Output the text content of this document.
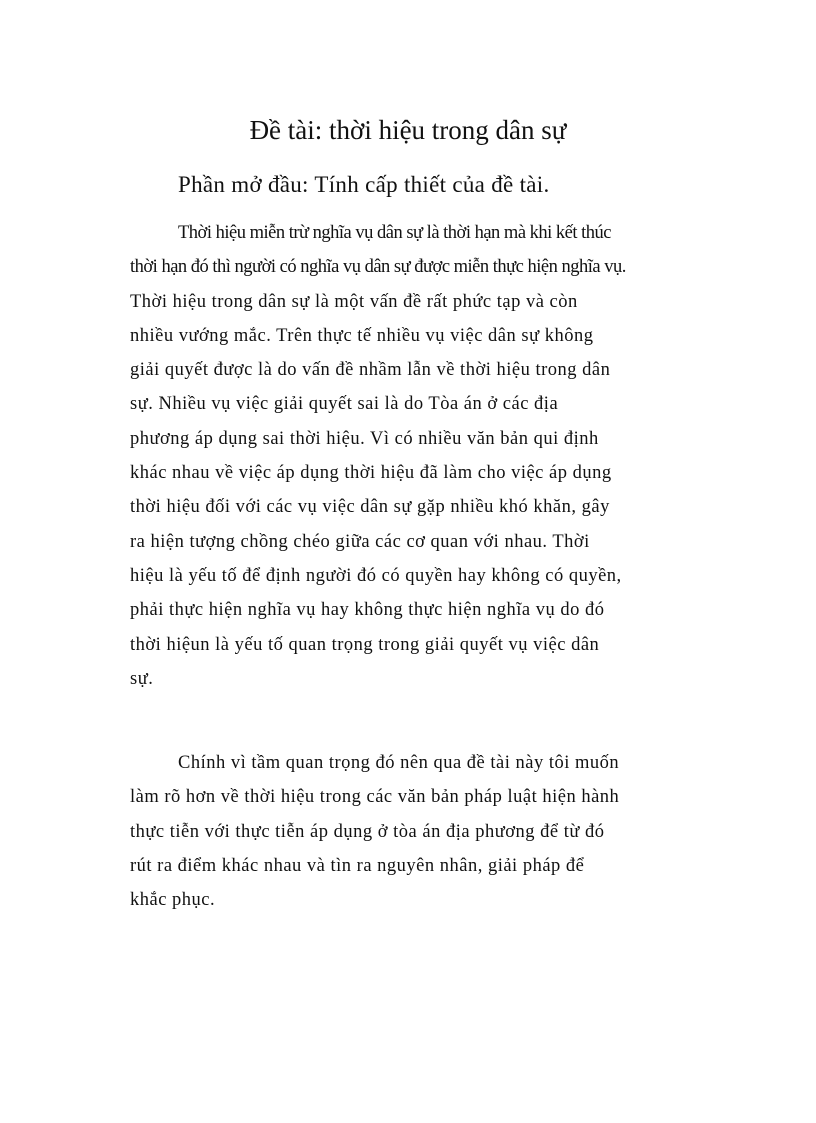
Đề tài: thời hiệu trong dân sự
Phần mở đầu: Tính cấp thiết của đề tài.

Thời hiệu miễn trừ nghĩa vụ dân sự là thời hạn mà khi kết thúc
thời hạn đó thì người có nghĩa vụ dân sự được miễn thực hiện nghĩa vụ.
Thời hiệu trong dân sự là một vấn đề rất phức tạp và còn
nhiều vướng mắc. Trên thực tế nhiều vụ việc dân sự không
giải quyết được là do vấn đề nhầm lẫn về thời hiệu trong dân
sự. Nhiều vụ việc giải quyết sai là do Tòa án ở các địa
phương áp dụng sai thời hiệu. Vì có nhiều văn bản qui định
khác nhau về việc áp dụng thời hiệu đã làm cho việc áp dụng
thời hiệu đối với các vụ việc dân sự gặp nhiều khó khăn, gây
ra hiện tượng chồng chéo giữa các cơ quan với nhau. Thời
hiệu là yếu tố để định người đó có quyền hay không có quyền,
phải thực hiện nghĩa vụ hay không thực hiện nghĩa vụ do đó
thời hiệun là yếu tố quan trọng trong giải quyết vụ việc dân
sự.

Chính vì tầm quan trọng đó nên qua đề tài này tôi muốn
làm rõ hơn về thời hiệu trong các văn bản pháp luật hiện hành
thực tiễn với thực tiễn áp dụng ở tòa án địa phương để từ đó
rút ra điểm khác nhau và tìn ra nguyên nhân, giải pháp để
khắc phục.
